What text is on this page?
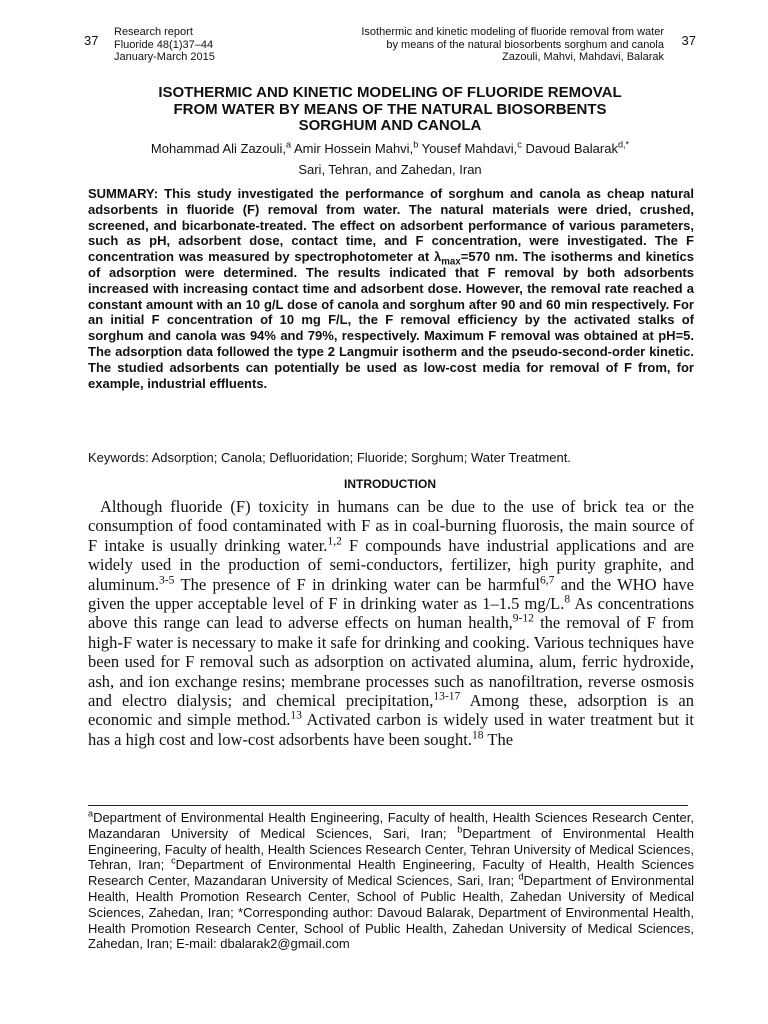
37
Research report
Fluoride 48(1)37–44
January-March 2015
Isothermic and kinetic modeling of fluoride removal from water
by means of the natural biosorbents sorghum and canola
Zazouli, Mahvi, Mahdavi, Balarak
37
ISOTHERMIC AND KINETIC MODELING OF FLUORIDE REMOVAL
FROM WATER BY MEANS OF THE NATURAL BIOSORBENTS
SORGHUM AND CANOLA
Mohammad Ali Zazouli,$^a$ Amir Hossein Mahvi,$^b$ Yousef Mahdavi,$^c$ Davoud Balarak$^{d,*}$
Sari, Tehran, and Zahedan, Iran
SUMMARY: This study investigated the performance of sorghum and canola as cheap natural adsorbents in fluoride (F) removal from water. The natural materials were dried, crushed, screened, and bicarbonate-treated. The effect on adsorbent performance of various parameters, such as pH, adsorbent dose, contact time, and F concentration, were investigated. The F concentration was measured by spectrophotometer at $\lambda_{max}=570$ nm. The isotherms and kinetics of adsorption were determined. The results indicated that F removal by both adsorbents increased with increasing contact time and adsorbent dose. However, the removal rate reached a constant amount with an 10 g/L dose of canola and sorghum after 90 and 60 min respectively. For an initial F concentration of 10 mg F/L, the F removal efficiency by the activated stalks of sorghum and canola was 94% and 79%, respectively. Maximum F removal was obtained at pH=5. The adsorption data followed the type 2 Langmuir isotherm and the pseudo-second-order kinetic. The studied adsorbents can potentially be used as low-cost media for removal of F from, for example, industrial effluents.
Keywords: Adsorption; Canola; Defluoridation; Fluoride; Sorghum; Water Treatment.
INTRODUCTION

Although fluoride (F) toxicity in humans can be due to the use of brick tea or the consumption of food contaminated with F as in coal-burning fluorosis, the main source of F intake is usually drinking water.$^{1,2}$ F compounds have industrial applications and are widely used in the production of semi-conductors, fertilizer, high purity graphite, and aluminum.$^{3-5}$ The presence of F in drinking water can be harmful$^{6,7}$ and the WHO have given the upper acceptable level of F in drinking water as 1–1.5 mg/L.$^8$ As concentrations above this range can lead to adverse effects on human health,$^{9-12}$ the removal of F from high-F water is necessary to make it safe for drinking and cooking. Various techniques have been used for F removal such as adsorption on activated alumina, alum, ferric hydroxide, ash, and ion exchange resins; membrane processes such as nanofiltration, reverse osmosis and electro dialysis; and chemical precipitation,$^{13-17}$ Among these, adsorption is an economic and simple method.$^{13}$ Activated carbon is widely used in water treatment but it has a high cost and low-cost adsorbents have been sought.$^{18}$ The

$^a$Department of Environmental Health Engineering, Faculty of health, Health Sciences Research Center, Mazandaran University of Medical Sciences, Sari, Iran; $^b$Department of Environmental Health Engineering, Faculty of health, Health Sciences Research Center, Tehran University of Medical Sciences, Tehran, Iran; $^c$Department of Environmental Health Engineering, Faculty of Health, Health Sciences Research Center, Mazandaran University of Medical Sciences, Sari, Iran; $^d$Department of Environmental Health, Health Promotion Research Center, School of Public Health, Zahedan University of Medical Sciences, Zahedan, Iran; *Corresponding author: Davoud Balarak, Department of Environmental Health, Health Promotion Research Center, School of Public Health, Zahedan University of Medical Sciences, Zahedan, Iran; E-mail: dbalarak2@gmail.com
